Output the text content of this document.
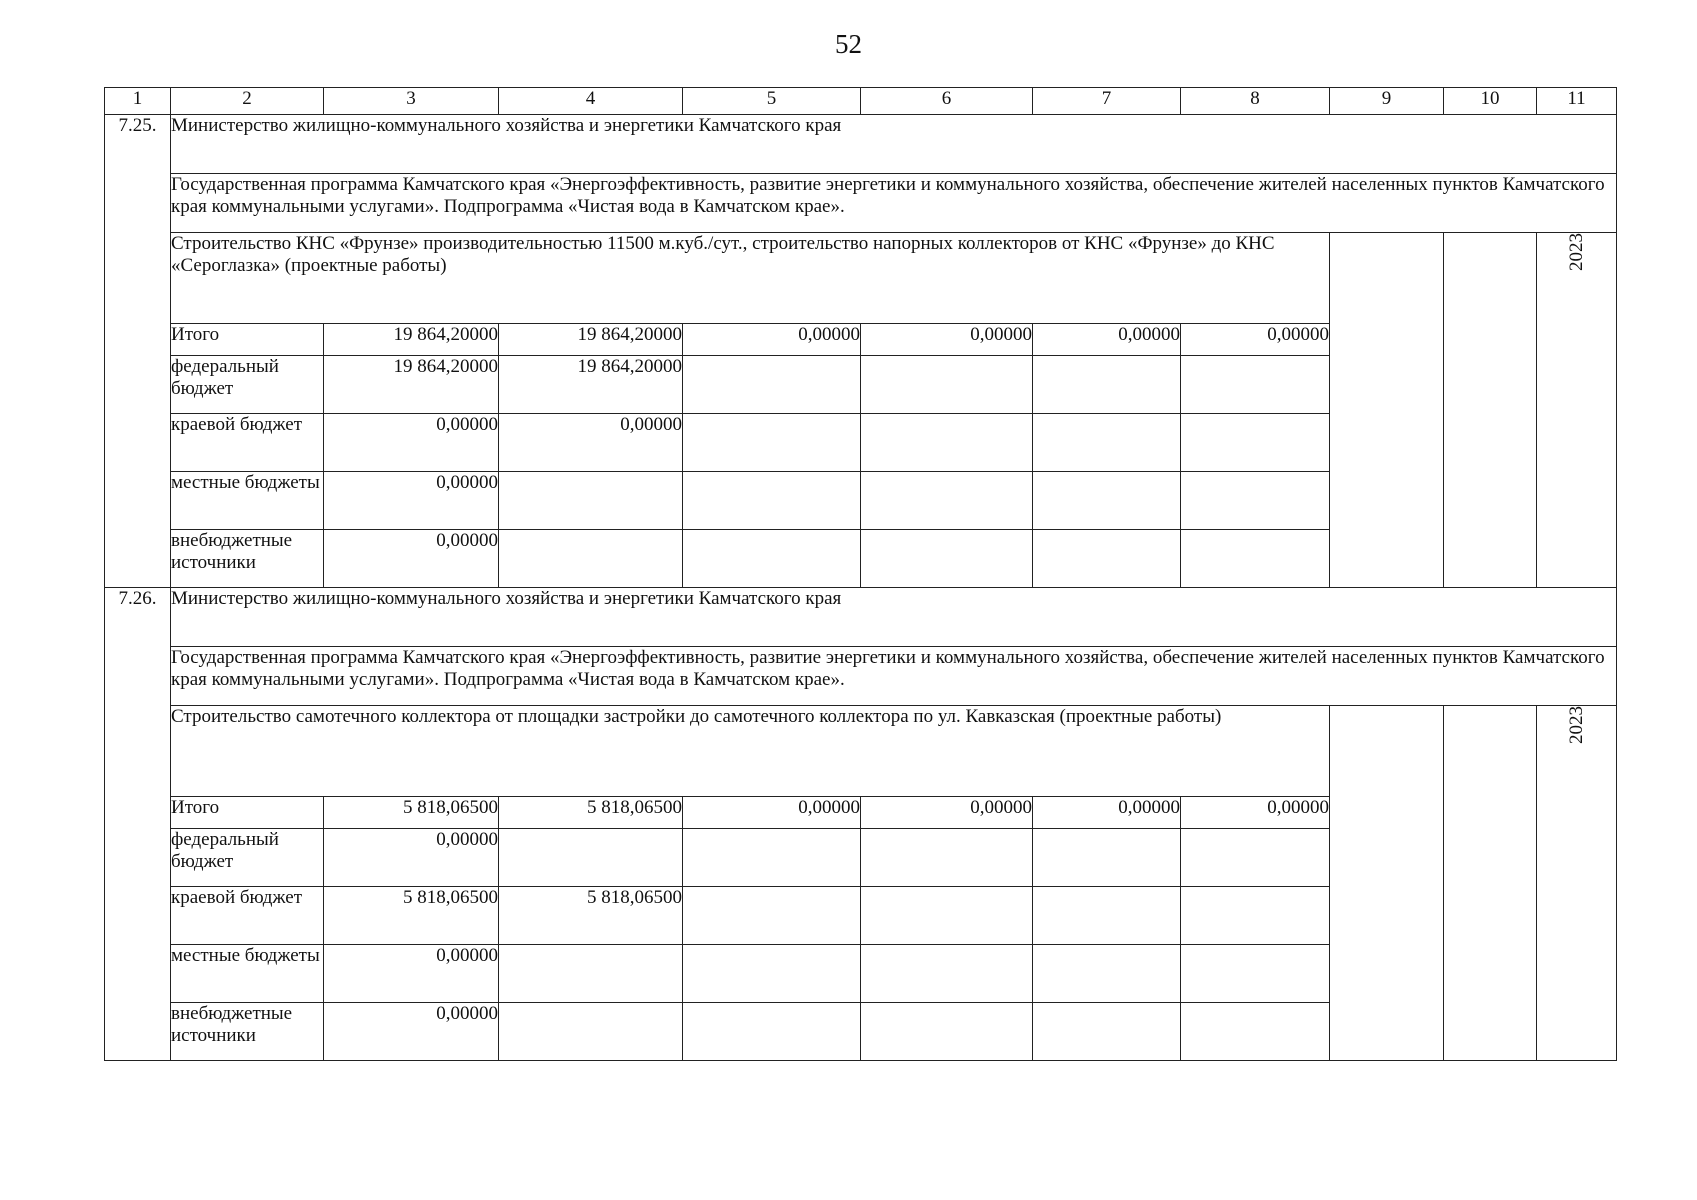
52
1	2	3	4	5	6	7	8	9	10	11
7.25.	Министерство жилищно-коммунального хозяйства и энергетики Камчатского края									
	Государственная программа Камчатского края «Энергоэффективность, развитие энергетики и коммунального хозяйства, обеспечение жителей населенных пунктов Камчатского края коммунальными услугами». Подпрограмма «Чистая вода в Камчатском крае».									
	Строительство КНС «Фрунзе» производительностью 11500 м.куб./сут., строительство напорных коллекторов от КНС «Фрунзе» до КНС «Сероглазка» (проектные работы)									2023
	Итого	19 864,20000	19 864,20000	0,00000	0,00000	0,00000	0,00000			
	федеральный бюджет	19 864,20000	19 864,20000							
	краевой бюджет	0,00000	0,00000							
	местные бюджеты	0,00000								
	внебюджетные источники	0,00000								
7.26.	Министерство жилищно-коммунального хозяйства и энергетики Камчатского края									
	Государственная программа Камчатского края «Энергоэффективность, развитие энергетики и коммунального хозяйства, обеспечение жителей населенных пунктов Камчатского края коммунальными услугами». Подпрограмма «Чистая вода в Камчатском крае».									
	Строительство самотечного коллектора от площадки застройки до самотечного коллектора по ул. Кавказская (проектные работы)									2023
	Итого	5 818,06500	5 818,06500	0,00000	0,00000	0,00000	0,00000			
	федеральный бюджет	0,00000								
	краевой бюджет	5 818,06500	5 818,06500							
	местные бюджеты	0,00000								
	внебюджетные источники	0,00000								
